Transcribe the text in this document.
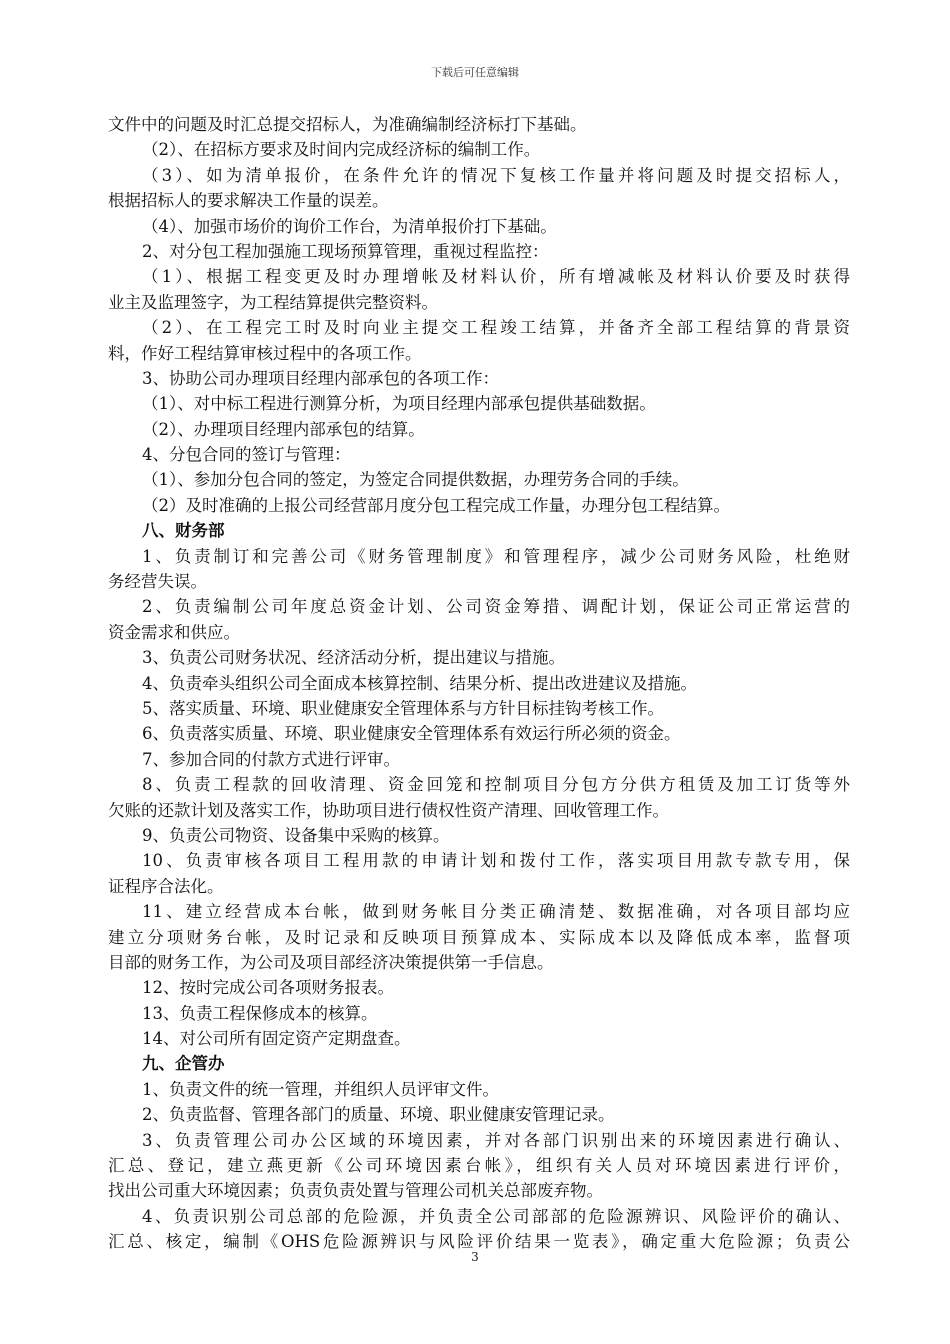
下载后可任意编辑
文件中的问题及时汇总提交招标人，为准确编制经济标打下基础。
（2）、在招标方要求及时间内完成经济标的编制工作。
（3）、如为清单报价，在条件允许的情况下复核工作量并将问题及时提交招标人，
根据招标人的要求解决工作量的误差。
（4）、加强市场价的询价工作台，为清单报价打下基础。
2、对分包工程加强施工现场预算管理，重视过程监控：
（1）、根据工程变更及时办理增帐及材料认价，所有增减帐及材料认价要及时获得
业主及监理签字，为工程结算提供完整资料。
（2）、在工程完工时及时向业主提交工程竣工结算，并备齐全部工程结算的背景资
料，作好工程结算审核过程中的各项工作。
3、协助公司办理项目经理内部承包的各项工作：
（1）、对中标工程进行测算分析，为项目经理内部承包提供基础数据。
（2）、办理项目经理内部承包的结算。
4、分包合同的签订与管理：
（1）、参加分包合同的签定，为签定合同提供数据，办理劳务合同的手续。
（2）及时准确的上报公司经营部月度分包工程完成工作量，办理分包工程结算。
八、财务部
1、负责制订和完善公司《财务管理制度》和管理程序，减少公司财务风险，杜绝财
务经营失误。
2、负责编制公司年度总资金计划、公司资金筹措、调配计划，保证公司正常运营的
资金需求和供应。
3、负责公司财务状况、经济活动分析，提出建议与措施。
4、负责牵头组织公司全面成本核算控制、结果分析、提出改进建议及措施。
5、落实质量、环境、职业健康安全管理体系与方针目标挂钩考核工作。
6、负责落实质量、环境、职业健康安全管理体系有效运行所必须的资金。
7、参加合同的付款方式进行评审。
8、负责工程款的回收清理、资金回笼和控制项目分包方分供方租赁及加工订货等外
欠账的还款计划及落实工作，协助项目进行债权性资产清理、回收管理工作。
9、负责公司物资、设备集中采购的核算。
10、负责审核各项目工程用款的申请计划和拨付工作，落实项目用款专款专用，保
证程序合法化。
11、建立经营成本台帐，做到财务帐目分类正确清楚、数据准确，对各项目部均应
建立分项财务台帐，及时记录和反映项目预算成本、实际成本以及降低成本率，监督项
目部的财务工作，为公司及项目部经济决策提供第一手信息。
12、按时完成公司各项财务报表。
13、负责工程保修成本的核算。
14、对公司所有固定资产定期盘查。
九、企管办
1、负责文件的统一管理，并组织人员评审文件。
2、负责监督、管理各部门的质量、环境、职业健康安管理记录。
3、负责管理公司办公区域的环境因素，并对各部门识别出来的环境因素进行确认、
汇总、登记，建立燕更新《公司环境因素台帐》，组织有关人员对环境因素进行评价，
找出公司重大环境因素；负责负责处置与管理公司机关总部废弃物。
4、负责识别公司总部的危险源，并负责全公司部部的危险源辨识、风险评价的确认、
汇总、核定，编制《OHS危险源辨识与风险评价结果一览表》，确定重大危险源；负责公
3
